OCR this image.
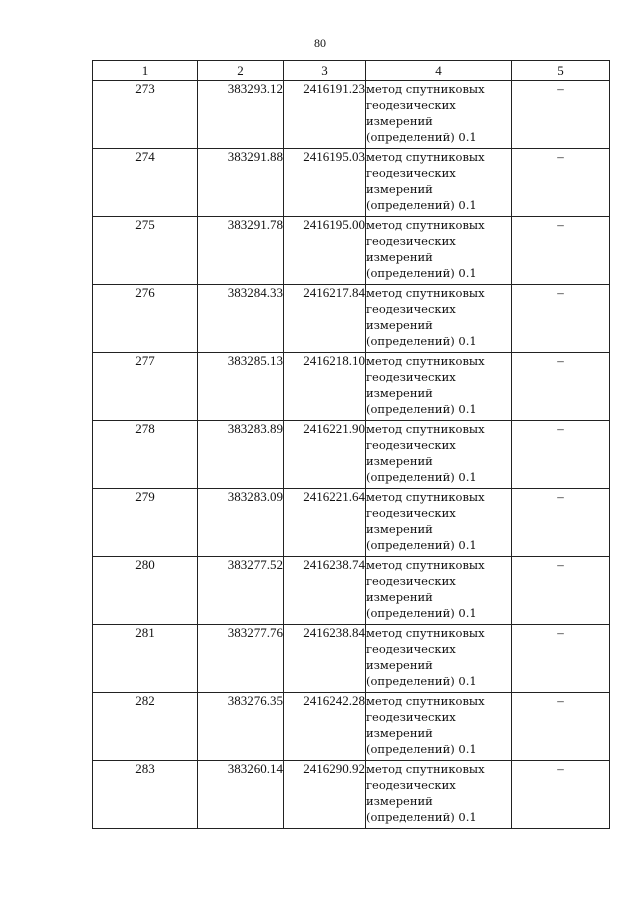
80
1	2	3	4	5
273	383293.12	2416191.23	метод спутниковых геодезических измерений (определений) 0.1	–
274	383291.88	2416195.03	метод спутниковых геодезических измерений (определений) 0.1	–
275	383291.78	2416195.00	метод спутниковых геодезических измерений (определений) 0.1	–
276	383284.33	2416217.84	метод спутниковых геодезических измерений (определений) 0.1	–
277	383285.13	2416218.10	метод спутниковых геодезических измерений (определений) 0.1	–
278	383283.89	2416221.90	метод спутниковых геодезических измерений (определений) 0.1	–
279	383283.09	2416221.64	метод спутниковых геодезических измерений (определений) 0.1	–
280	383277.52	2416238.74	метод спутниковых геодезических измерений (определений) 0.1	–
281	383277.76	2416238.84	метод спутниковых геодезических измерений (определений) 0.1	–
282	383276.35	2416242.28	метод спутниковых геодезических измерений (определений) 0.1	–
283	383260.14	2416290.92	метод спутниковых геодезических измерений (определений) 0.1	–
